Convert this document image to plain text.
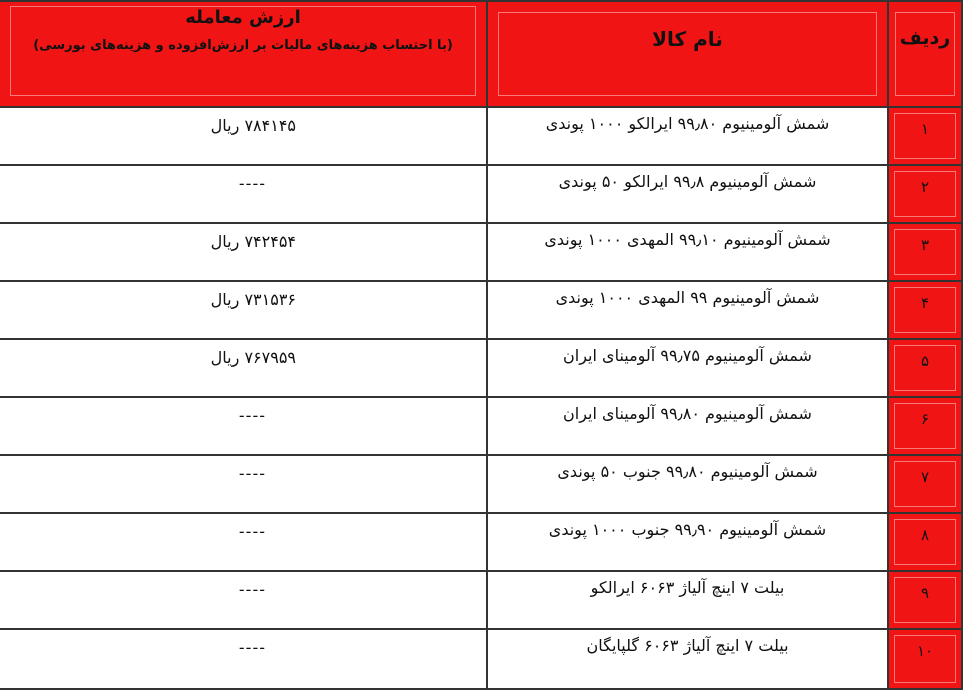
ردیف	نام کالا	ارزش معامله
(با احتساب هزینه‌های مالیات بر ارزش‌افزوده و هزینه‌های بورسی)

۱	شمش آلومینیوم ۹۹٫۸۰ ایرالکو ۱۰۰۰ پوندی	۷۸۴۱۴۵ ریال

۲	شمش آلومینیوم ۹۹٫۸ ایرالکو ۵۰ پوندی	----

۳	شمش آلومینیوم ۹۹٫۱۰ المهدی ۱۰۰۰ پوندی	۷۴۲۴۵۴ ریال

۴	شمش آلومینیوم ۹۹ المهدی ۱۰۰۰ پوندی	۷۳۱۵۳۶ ریال

۵	شمش آلومینیوم ۹۹٫۷۵ آلومینای ایران	۷۶۷۹۵۹ ریال

۶	شمش آلومینیوم ۹۹٫۸۰ آلومینای ایران	----

۷	شمش آلومینیوم ۹۹٫۸۰ جنوب ۵۰ پوندی	----

۸	شمش آلومینیوم ۹۹٫۹۰ جنوب ۱۰۰۰ پوندی	----

۹	بیلت ۷ اینچ آلیاژ ۶۰۶۳ ایرالکو	----

۱۰	بیلت ۷ اینچ آلیاژ ۶۰۶۳ گلپایگان	----
